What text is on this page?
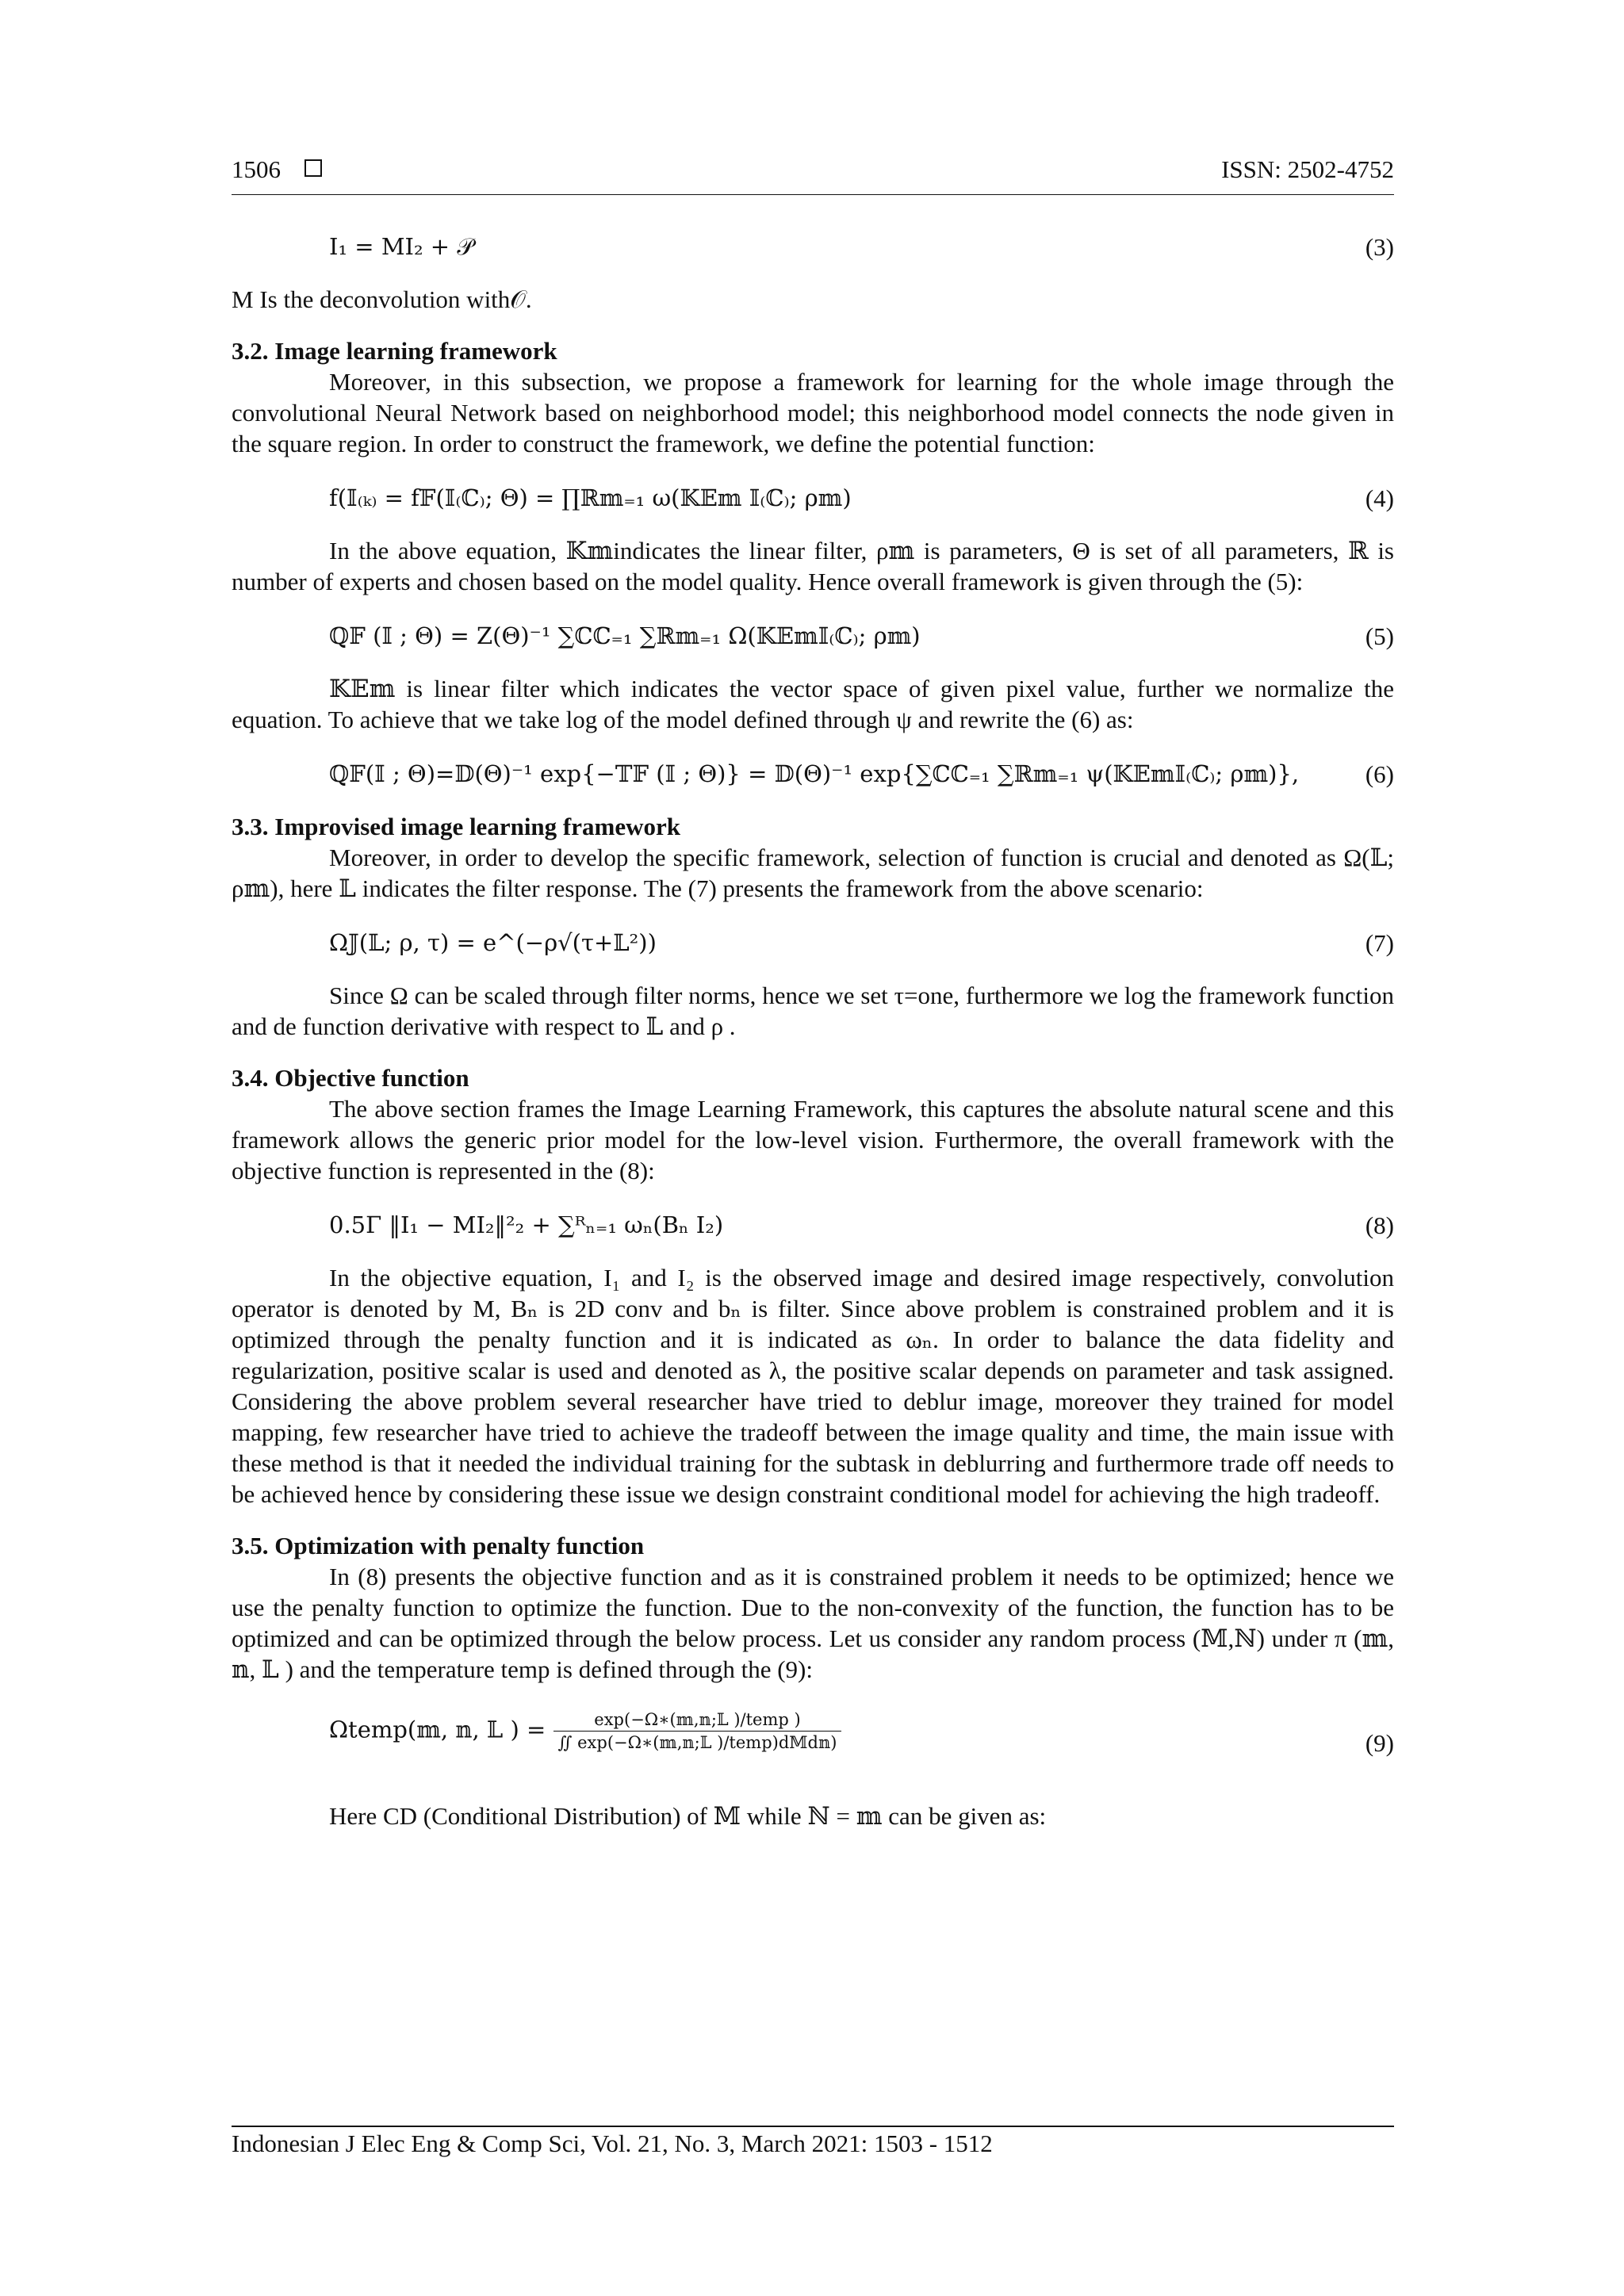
1506	ISSN: 2502-4752
I₁ = MI₂ + 𝒫	(3)

M Is the deconvolution with𝒪.

3.2. Image learning framework

Moreover, in this subsection, we propose a framework for learning for the whole image through the convolutional Neural Network based on neighborhood model; this neighborhood model connects the node given in the square region. In order to construct the framework, we define the potential function:

f(𝕀₍ₖ₎ = f𝔽(𝕀₍ℂ₎; Θ) = ∏ℝ𝕞₌₁ ω(𝕂𝔼𝕞 𝕀₍ℂ₎; ρ𝕞)	(4)

In the above equation, 𝕂𝕞indicates the linear filter, ρ𝕞 is parameters, Θ is set of all parameters, ℝ is number of experts and chosen based on the model quality. Hence overall framework is given through the (5):

ℚ𝔽 (𝕀 ; Θ) = Z(Θ)⁻¹ ∑ℂℂ₌₁ ∑ℝ𝕞₌₁ Ω(𝕂𝔼𝕞𝕀₍ℂ₎; ρ𝕞)	(5)

𝕂𝔼𝕞 is linear filter which indicates the vector space of given pixel value, further we normalize the equation. To achieve that we take log of the model defined through ψ and rewrite the (6) as:

ℚ𝔽(𝕀 ; Θ)=𝔻(Θ)⁻¹ exp{−𝕋𝔽 (𝕀 ; Θ)} = 𝔻(Θ)⁻¹ exp{∑ℂℂ₌₁ ∑ℝ𝕞₌₁ ψ(𝕂𝔼𝕞𝕀₍ℂ₎; ρ𝕞)},	(6)
3.3. Improvised image learning framework

Moreover, in order to develop the specific framework, selection of function is crucial and denoted as Ω(𝕃; ρ𝕞), here 𝕃 indicates the filter response. The (7) presents the framework from the above scenario:

Ω𝕁(𝕃; ρ, τ) = e^(−ρ√(τ+𝕃²))	(7)

Since Ω can be scaled through filter norms, hence we set τ=one, furthermore we log the framework function and de function derivative with respect to 𝕃 and ρ .

3.4. Objective function

The above section frames the Image Learning Framework, this captures the absolute natural scene and this framework allows the generic prior model for the low-level vision. Furthermore, the overall framework with the objective function is represented in the (8):

0.5Γ ‖I₁ − MI₂‖²₂ + ∑ᴿₙ₌₁ ωₙ(Bₙ I₂)	(8)

In the objective equation, I₁ and I₂ is the observed image and desired image respectively, convolution operator is denoted by M, Bₙ is 2D conv and bₙ is filter. Since above problem is constrained problem and it is optimized through the penalty function and it is indicated as ωₙ. In order to balance the data fidelity and regularization, positive scalar is used and denoted as λ, the positive scalar depends on parameter and task assigned. Considering the above problem several researcher have tried to deblur image, moreover they trained for model mapping, few researcher have tried to achieve the tradeoff between the image quality and time, the main issue with these method is that it needed the individual training for the subtask in deblurring and furthermore trade off needs to be achieved hence by considering these issue we design constraint conditional model for achieving the high tradeoff.

3.5. Optimization with penalty function

In (8) presents the objective function and as it is constrained problem it needs to be optimized; hence we use the penalty function to optimize the function. Due to the non-convexity of the function, the function has to be optimized and can be optimized through the below process. Let us consider any random process (𝕄,ℕ) under π (𝕞, 𝕟, 𝕃 ) and the temperature temp is defined through the (9):

Ωtemp(𝕞, 𝕟, 𝕃 ) = $\frac{\text{exp(−Ω∗(𝕞,𝕟;𝕃 )/temp )}}{\text{∬ exp(−Ω∗(𝕞,𝕟;𝕃 )/temp)d𝕄d𝕟)}}$	(9)

Here CD (Conditional Distribution) of 𝕄 while ℕ = 𝕞 can be given as:

Indonesian J Elec Eng & Comp Sci, Vol. 21, No. 3, March 2021: 1503 - 1512
